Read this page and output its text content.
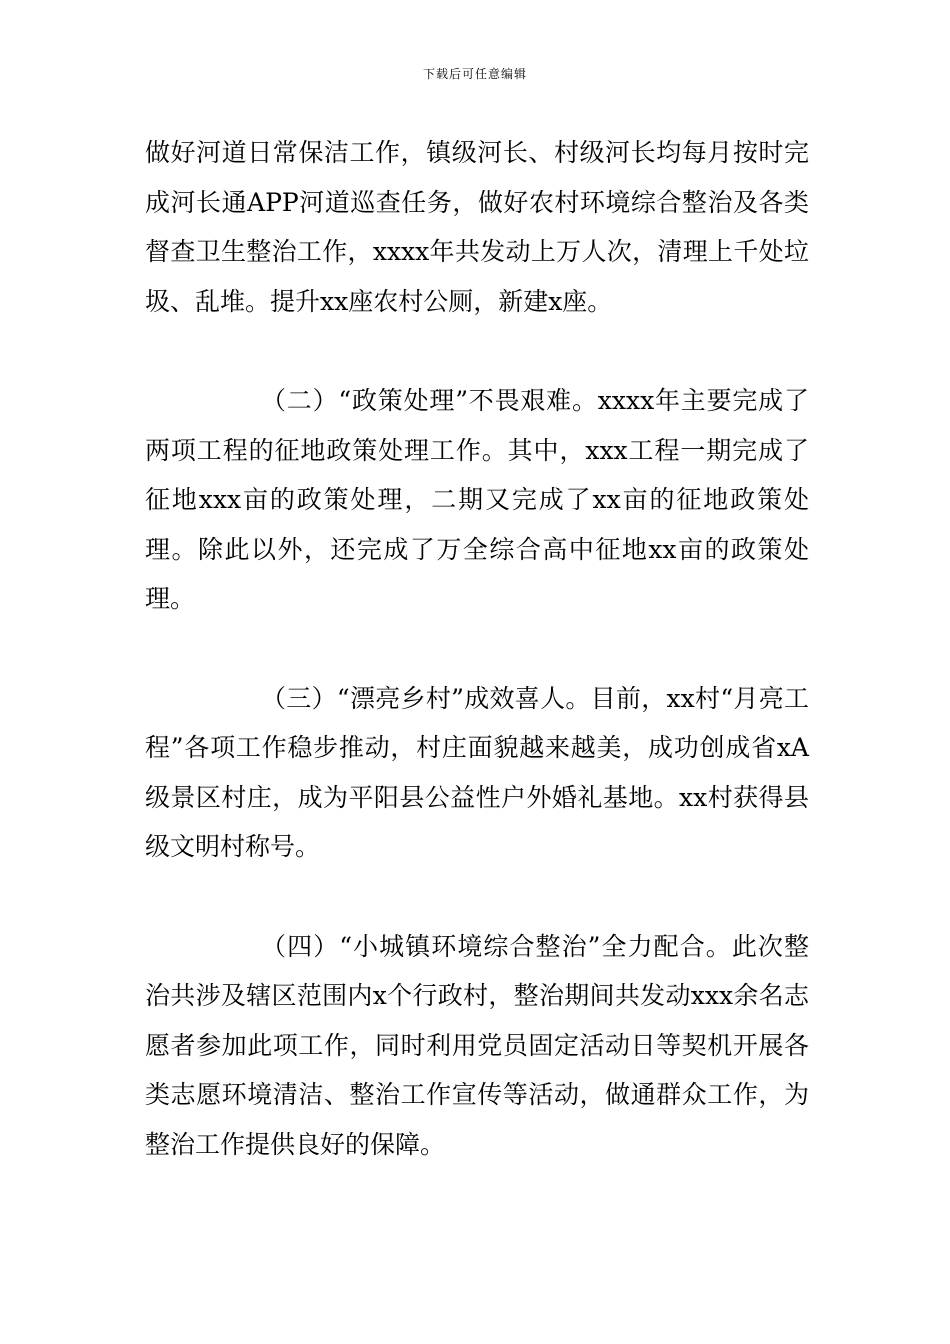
下载后可任意编辑

做好河道日常保洁工作，镇级河长、村级河长均每月按时完成河长通APP河道巡查任务，做好农村环境综合整治及各类督查卫生整治工作，xxxx年共发动上万人次，清理上千处垃圾、乱堆。提升xx座农村公厕，新建x座。

（二）“政策处理”不畏艰难。xxxx年主要完成了两项工程的征地政策处理工作。其中，xxx工程一期完成了征地xxx亩的政策处理，二期又完成了xx亩的征地政策处理。除此以外，还完成了万全综合高中征地xx亩的政策处理。

（三）“漂亮乡村”成效喜人。目前，xx村“月亮工程”各项工作稳步推动，村庄面貌越来越美，成功创成省xA级景区村庄，成为平阳县公益性户外婚礼基地。xx村获得县级文明村称号。

（四）“小城镇环境综合整治”全力配合。此次整治共涉及辖区范围内x个行政村，整治期间共发动xxx余名志愿者参加此项工作，同时利用党员固定活动日等契机开展各类志愿环境清洁、整治工作宣传等活动，做通群众工作，为整治工作提供良好的保障。
